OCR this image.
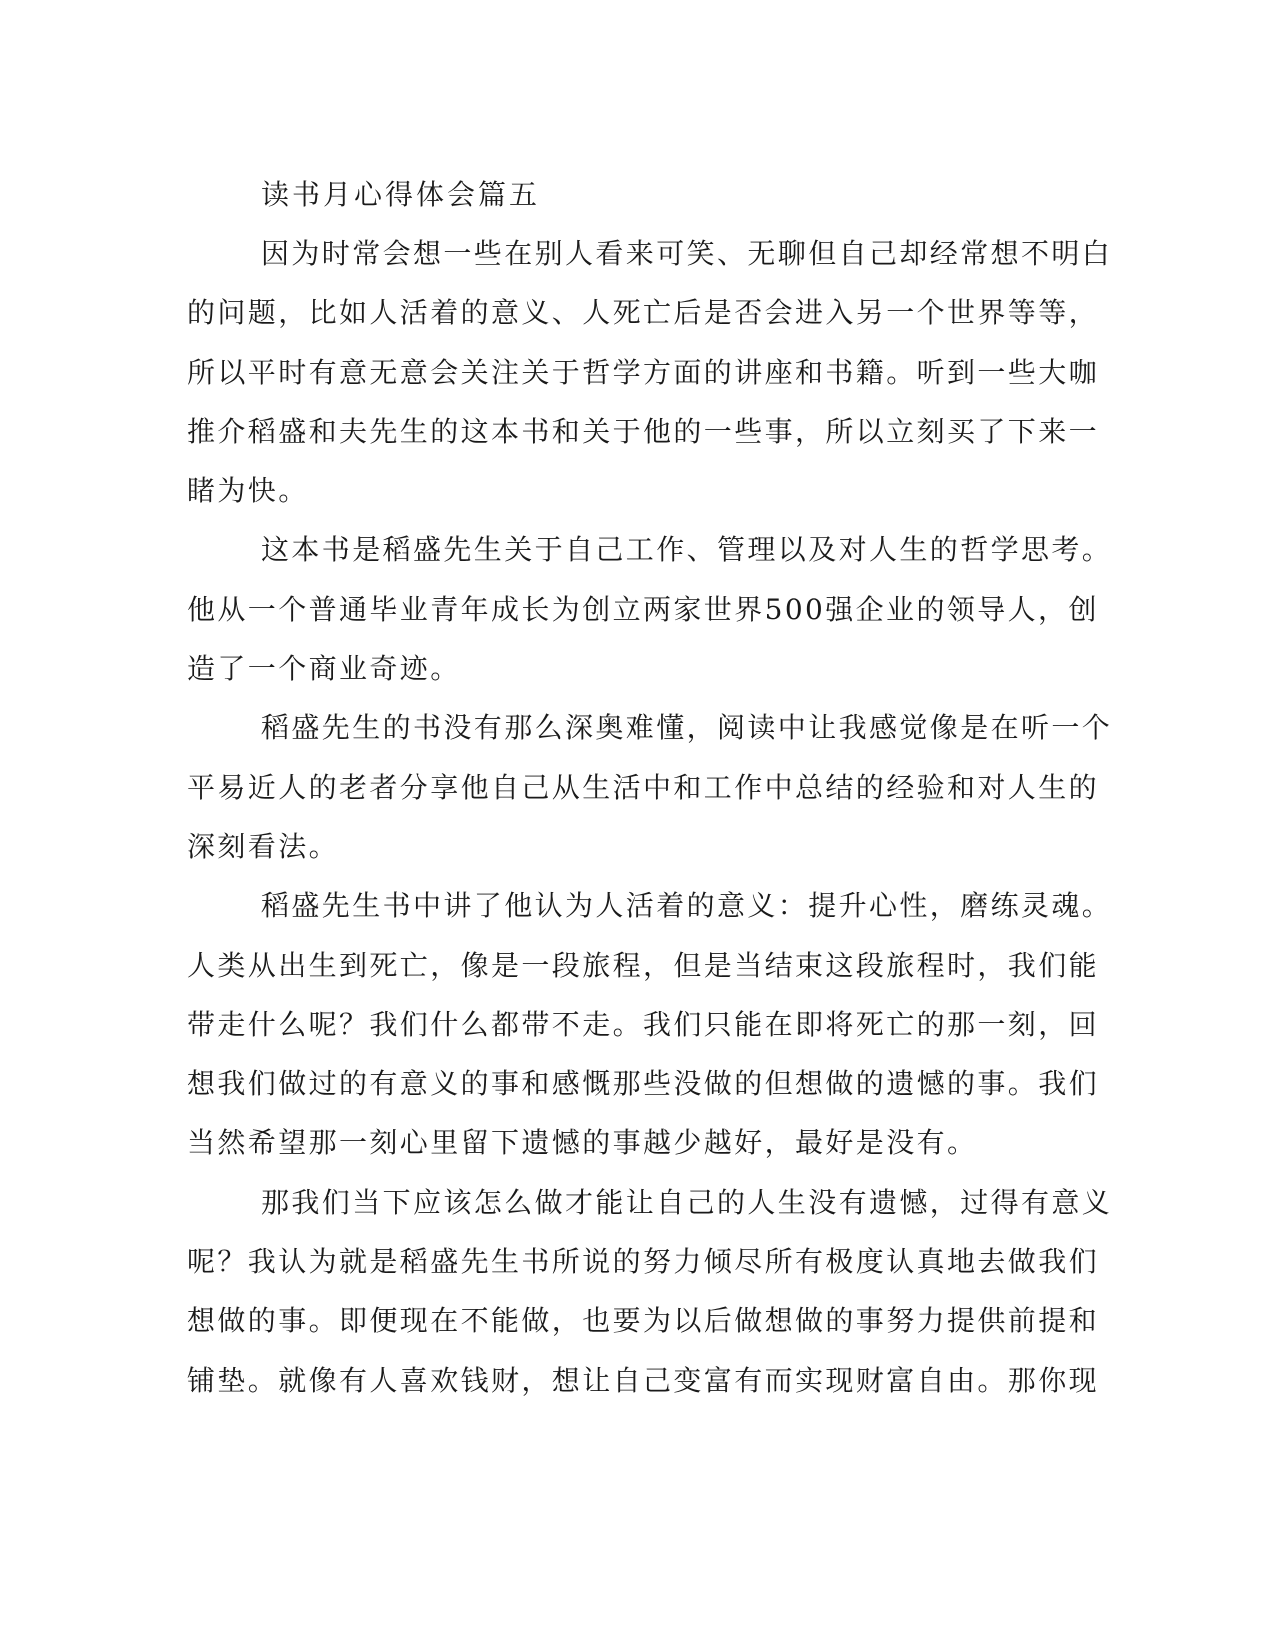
读书月心得体会篇五
因为时常会想一些在别人看来可笑、无聊但自己却经常想不明白
的问题，比如人活着的意义、人死亡后是否会进入另一个世界等等，
所以平时有意无意会关注关于哲学方面的讲座和书籍。听到一些大咖
推介稻盛和夫先生的这本书和关于他的一些事，所以立刻买了下来一
睹为快。
这本书是稻盛先生关于自己工作、管理以及对人生的哲学思考。
他从一个普通毕业青年成长为创立两家世界500强企业的领导人，创
造了一个商业奇迹。
稻盛先生的书没有那么深奥难懂，阅读中让我感觉像是在听一个
平易近人的老者分享他自己从生活中和工作中总结的经验和对人生的
深刻看法。
稻盛先生书中讲了他认为人活着的意义：提升心性，磨练灵魂。
人类从出生到死亡，像是一段旅程，但是当结束这段旅程时，我们能
带走什么呢？我们什么都带不走。我们只能在即将死亡的那一刻，回
想我们做过的有意义的事和感慨那些没做的但想做的遗憾的事。我们
当然希望那一刻心里留下遗憾的事越少越好，最好是没有。
那我们当下应该怎么做才能让自己的人生没有遗憾，过得有意义
呢？我认为就是稻盛先生书所说的努力倾尽所有极度认真地去做我们
想做的事。即便现在不能做，也要为以后做想做的事努力提供前提和
铺垫。就像有人喜欢钱财，想让自己变富有而实现财富自由。那你现
